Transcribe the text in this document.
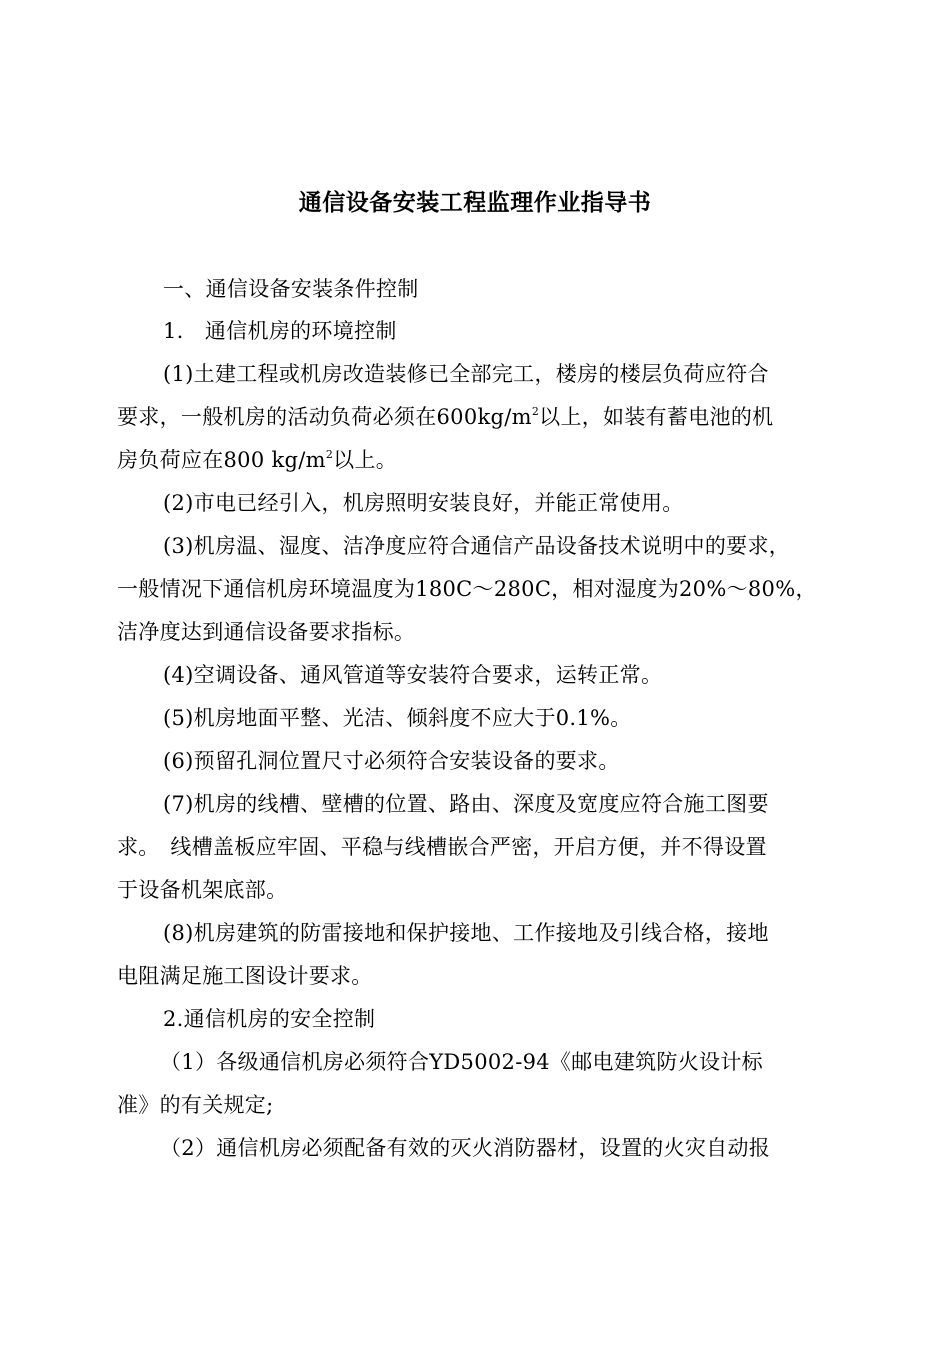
通信设备安装工程监理作业指导书
一、通信设备安装条件控制
1.　通信机房的环境控制
(1)土建工程或机房改造装修已全部完工，楼房的楼层负荷应符合
要求，一般机房的活动负荷必须在$600kg/m^2$以上，如装有蓄电池的机
房负荷应在800 $kg/m^2$以上。
(2)市电已经引入，机房照明安装良好，并能正常使用。
(3)机房温、湿度、洁净度应符合通信产品设备技术说明中的要求，
一般情况下通信机房环境温度为180C～280C，相对湿度为20%～80%，
洁净度达到通信设备要求指标。
(4)空调设备、通风管道等安装符合要求，运转正常。
(5)机房地面平整、光洁、倾斜度不应大于0.1%。
(6)预留孔洞位置尺寸必须符合安装设备的要求。
(7)机房的线槽、壁槽的位置、路由、深度及宽度应符合施工图要
求。　线槽盖板应牢固、平稳与线槽嵌合严密，开启方便，并不得设置
于设备机架底部。
(8)机房建筑的防雷接地和保护接地、工作接地及引线合格，接地
电阻满足施工图设计要求。
2.通信机房的安全控制
（1）各级通信机房必须符合YD5002-94《邮电建筑防火设计标
准》的有关规定;
（2）通信机房必须配备有效的灭火消防器材，设置的火灾自动报
